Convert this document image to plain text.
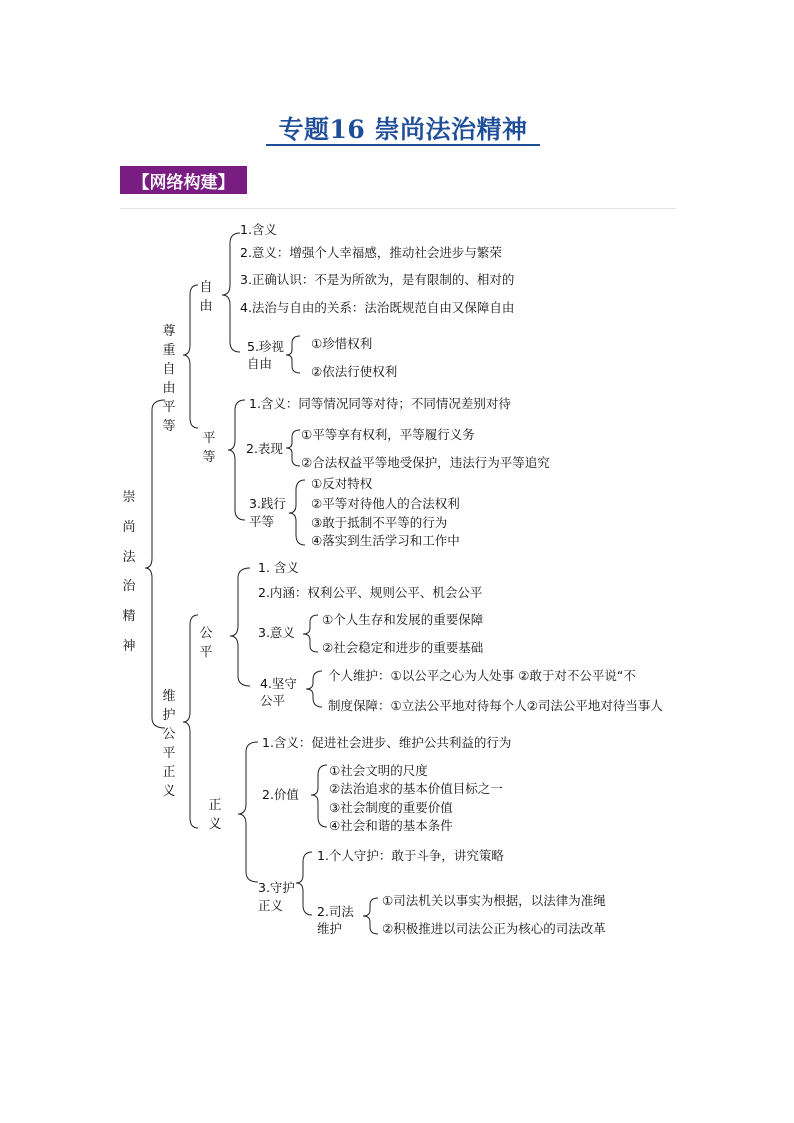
专题16 崇尚法治精神
【网络构建】
崇尚法治精神
尊重自由平等
自由
1.含义
2.意义：增强个人幸福感，推动社会进步与繁荣
3.正确认识：不是为所欲为，是有限制的、相对的
4.法治与自由的关系：法治既规范自由又保障自由
5.珍视
自由
①珍惜权利
②依法行使权利
平等
1.含义：同等情况同等对待；不同情况差别对待
2.表现
①平等享有权利，平等履行义务
②合法权益平等地受保护，违法行为平等追究
3.践行
平等
①反对特权
②平等对待他人的合法权利
③敢于抵制不平等的行为
④落实到生活学习和工作中
维护公平正义
公平
1. 含义
2.内涵：权利公平、规则公平、机会公平
3.意义
①个人生存和发展的重要保障
②社会稳定和进步的重要基础
4.坚守
公平
个人维护：①以公平之心为人处事 ②敢于对不公平说“不
制度保障：①立法公平地对待每个人②司法公平地对待当事人
正义
1.含义：促进社会进步、维护公共利益的行为
2.价值
①社会文明的尺度
②法治追求的基本价值目标之一
③社会制度的重要价值
④社会和谐的基本条件
3.守护
正义
1.个人守护：敢于斗争，讲究策略
2.司法
维护
①司法机关以事实为根据，以法律为准绳
②积极推进以司法公正为核心的司法改革
